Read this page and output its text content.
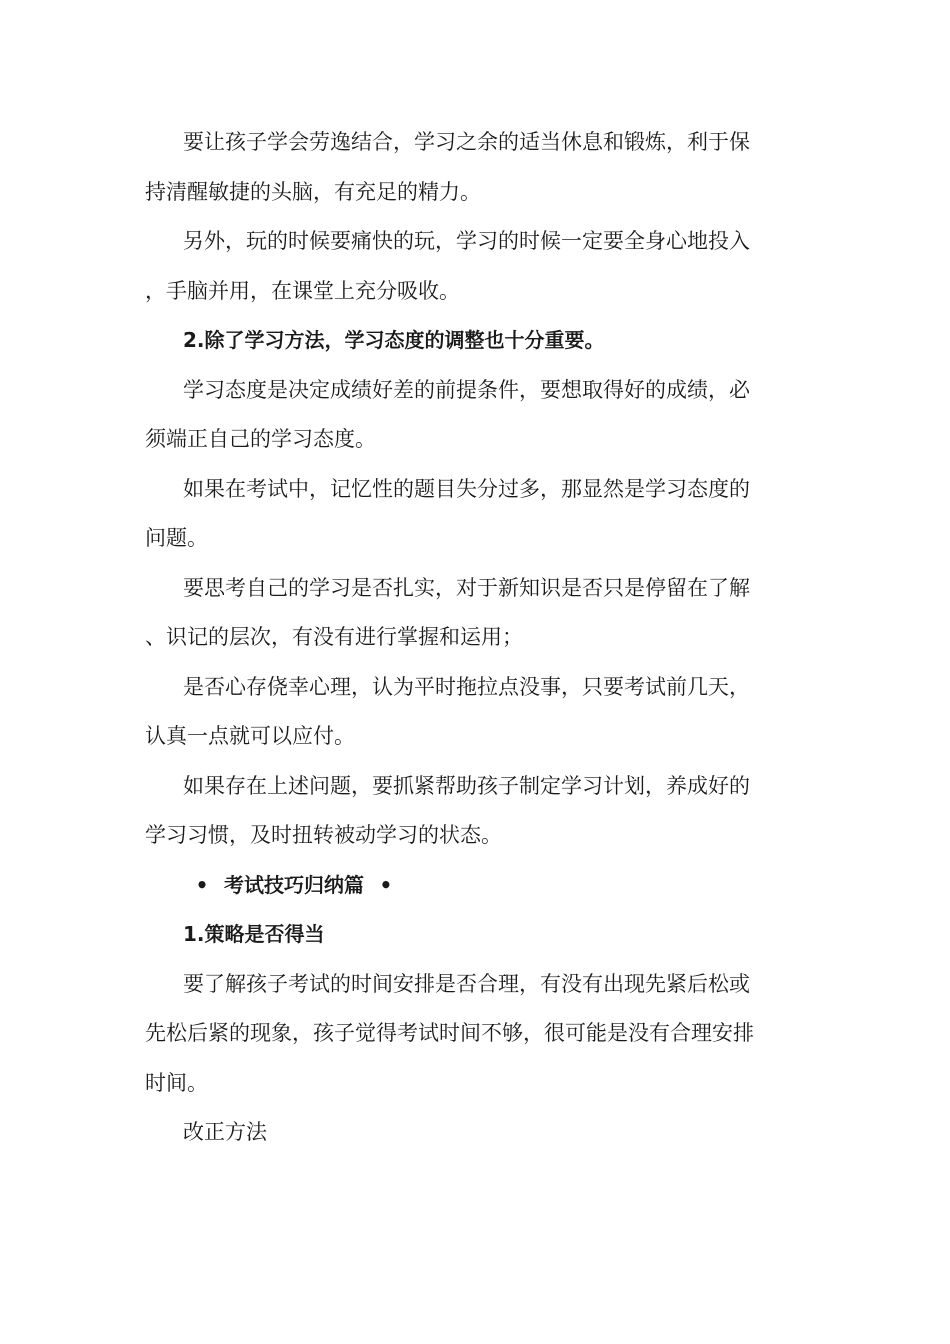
要让孩子学会劳逸结合，学习之余的适当休息和锻炼，利于保
持清醒敏捷的头脑，有充足的精力。
另外，玩的时候要痛快的玩，学习的时候一定要全身心地投入
，手脑并用，在课堂上充分吸收。
2.除了学习方法，学习态度的调整也十分重要。
学习态度是决定成绩好差的前提条件，要想取得好的成绩，必
须端正自己的学习态度。
如果在考试中，记忆性的题目失分过多，那显然是学习态度的
问题。
要思考自己的学习是否扎实，对于新知识是否只是停留在了解
、识记的层次，有没有进行掌握和运用；
是否心存侥幸心理，认为平时拖拉点没事，只要考试前几天，
认真一点就可以应付。
如果存在上述问题，要抓紧帮助孩子制定学习计划，养成好的
学习习惯，及时扭转被动学习的状态。
• 考试技巧归纳篇 •
1.策略是否得当
要了解孩子考试的时间安排是否合理，有没有出现先紧后松或
先松后紧的现象，孩子觉得考试时间不够，很可能是没有合理安排
时间。
改正方法
